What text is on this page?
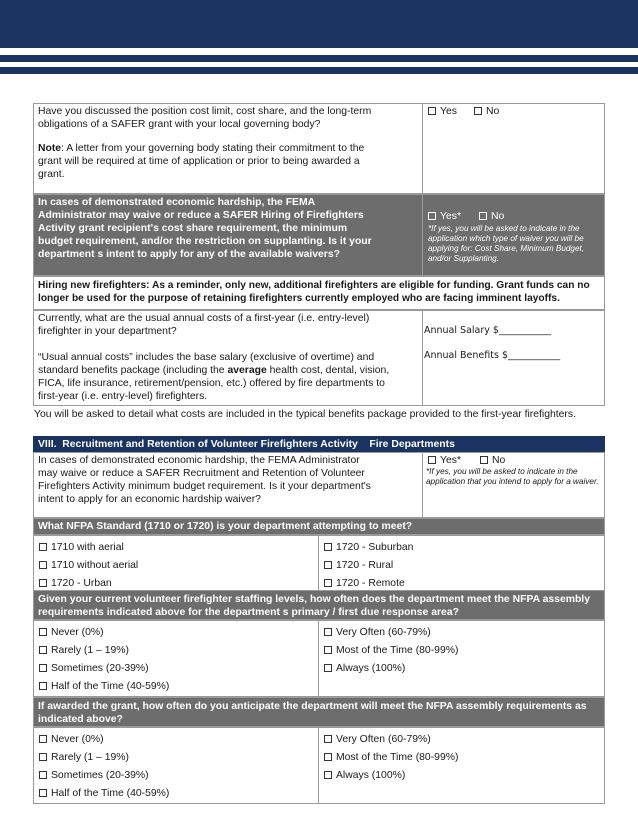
Have you discussed the position cost limit, cost share, and the long-term obligations of a SAFER grant with your local governing body?
Note: A letter from your governing body stating their commitment to the grant will be required at time of application or prior to being awarded a grant.
Yes	No
In cases of demonstrated economic hardship, the FEMA Administrator may waive or reduce a SAFER Hiring of Firefighters Activity grant recipient's cost share requirement, the minimum budget requirement, and/or the restriction on supplanting. Is it your department s intent to apply for any of the available waivers?
Yes*	No
*If yes, you will be asked to indicate in the application which type of waiver you will be applying for: Cost Share, Minimum Budget, and/or Supplanting.
Hiring new firefighters: As a reminder, only new, additional firefighters are eligible for funding. Grant funds can no longer be used for the purpose of retaining firefighters currently employed who are facing imminent layoffs.
Currently, what are the usual annual costs of a first-year (i.e. entry-level) firefighter in your department?
“Usual annual costs” includes the base salary (exclusive of overtime) and standard benefits package (including the average health cost, dental, vision, FICA, life insurance, retirement/pension, etc.) offered by fire departments to first-year (i.e. entry-level) firefighters.
Annual Salary $___________
Annual Benefits $___________
You will be asked to detail what costs are included in the typical benefits package provided to the first-year firefighters.
VIII.  Recruitment and Retention of Volunteer Firefighters Activity    Fire Departments
In cases of demonstrated economic hardship, the FEMA Administrator may waive or reduce a SAFER Recruitment and Retention of Volunteer Firefighters Activity minimum budget requirement. Is it your department's intent to apply for an economic hardship waiver?
Yes*	No
*If yes, you will be asked to indicate in the application that you intend to apply for a waiver.
What NFPA Standard (1710 or 1720) is your department attempting to meet?
1710 with aerial
1710 without aerial
1720 - Urban
1720 - Suburban
1720 - Rural
1720 - Remote
Given your current volunteer firefighter staffing levels, how often does the department meet the NFPA assembly requirements indicated above for the department s primary / first due response area?
Never (0%)
Rarely (1 – 19%)
Sometimes (20-39%)
Half of the Time (40-59%)
Very Often (60-79%)
Most of the Time (80-99%)
Always (100%)
If awarded the grant, how often do you anticipate the department will meet the NFPA assembly requirements as indicated above?
Never (0%)
Rarely (1 – 19%)
Sometimes (20-39%)
Half of the Time (40-59%)
Very Often (60-79%)
Most of the Time (80-99%)
Always (100%)
